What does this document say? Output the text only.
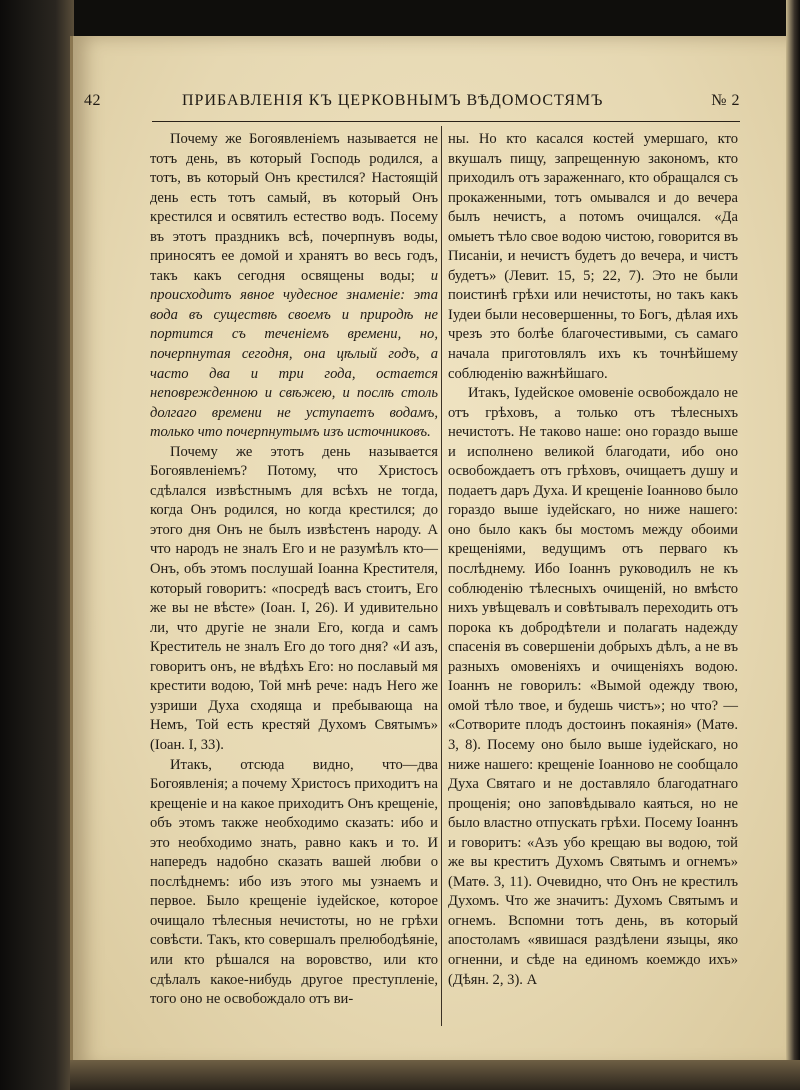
42	ПРИБАВЛЕНІЯ КЪ ЦЕРКОВНЫМЪ ВѢДОМОСТЯМЪ	№ 2

Почему же Богоявленіемъ называется не тотъ день, въ который Господь родился, а тотъ, въ который Онъ крестился? Настоящій день есть тотъ самый, въ который Онъ крестился и освятилъ естество водъ. Посему въ этотъ праздникъ всѣ, почерпнувъ воды, приносятъ ее домой и хранятъ во весь годъ, такъ какъ сегодня освящены воды; и происходитъ явное чудесное знаменіе: эта вода въ существѣ своемъ и природѣ не портится съ теченіемъ времени, но, почерпнутая сегодня, она цѣлый годъ, а часто два и три года, остается неповрежденною и свѣжею, и послѣ столь долгаго времени не уступаетъ водамъ, только что почерпнутымъ изъ источниковъ.

Почему же этотъ день называется Богоявленіемъ? Потому, что Христосъ сдѣлался извѣстнымъ для всѣхъ не тогда, когда Онъ родился, но когда крестился; до этого дня Онъ не былъ извѣстенъ народу. А что народъ не зналъ Его и не разумѣлъ кто— Онъ, объ этомъ послушай Іоанна Крестителя, который говоритъ: «посредѣ васъ стоитъ, Его же вы не вѣсте» (Іоан. I, 26). И удивительно ли, что другіе не знали Его, когда и самъ Креститель не зналъ Его до того дня? «И азъ, говоритъ онъ, не вѣдѣхъ Его: но пославый мя крестити водою, Той мнѣ рече: надъ Него же узриши Духа сходяща и пребывающа на Немъ, Той есть крестяй Духомъ Святымъ» (Іоан. I, 33).

Итакъ, отсюда видно, что—два Богоявленія; а почему Христосъ приходитъ на крещеніе и на какое приходитъ Онъ крещеніе, объ этомъ также необходимо сказать: ибо и это необходимо знать, равно какъ и то. И напередъ надобно сказать вашей любви о послѣднемъ: ибо изъ этого мы узнаемъ и первое. Было крещеніе іудейское, которое очищало тѣлесныя нечистоты, но не грѣхи совѣсти. Такъ, кто совершалъ прелюбодѣяніе, или кто рѣшался на воровство, или кто сдѣлалъ какое-нибудь другое преступленіе, того оно не освобождало отъ ви-

ны. Но кто касался костей умершаго, кто вкушалъ пищу, запрещенную закономъ, кто приходилъ отъ зараженнаго, кто обращался съ прокаженными, тотъ омывался и до вечера былъ нечистъ, а потомъ очищался. «Да омыетъ тѣло свое водою чистою, говорится въ Писаніи, и нечистъ будетъ до вечера, и чистъ будетъ» (Левит. 15, 5; 22, 7). Это не были поистинѣ грѣхи или нечистоты, но такъ какъ Іудеи были несовершенны, то Богъ, дѣлая ихъ чрезъ это болѣе благочестивыми, съ самаго начала приготовлялъ ихъ къ точнѣйшему соблюденію важнѣйшаго.

Итакъ, Іудейское омовеніе освобождало не отъ грѣховъ, а только отъ тѣлесныхъ нечистотъ. Не таково наше: оно гораздо выше и исполнено великой благодати, ибо оно освобождаетъ отъ грѣховъ, очищаетъ душу и подаетъ даръ Духа. И крещеніе Іоанново было гораздо выше іудейскаго, но ниже нашего: оно было какъ бы мостомъ между обоими крещеніями, ведущимъ отъ перваго къ послѣднему. Ибо Іоаннъ руководилъ не къ соблюденію тѣлесныхъ очищеній, но вмѣсто нихъ увѣщевалъ и совѣтывалъ переходить отъ порока къ добродѣтели и полагать надежду спасенія въ совершеніи добрыхъ дѣлъ, а не въ разныхъ омовеніяхъ и очищеніяхъ водою. Іоаннъ не говорилъ: «Вымой одежду твою, омой тѣло твое, и будешь чистъ»; но что? — «Сотворите плодъ достоинъ покаянія» (Матѳ. 3, 8). Посему оно было выше іудейскаго, но ниже нашего: крещеніе Іоанново не сообщало Духа Святаго и не доставляло благодатнаго прощенія; оно заповѣдывало каяться, но не было властно отпускать грѣхи. Посему Іоаннъ и говоритъ: «Азъ убо крещаю вы водою, той же вы креститъ Духомъ Святымъ и огнемъ» (Матѳ. 3, 11). Очевидно, что Онъ не крестилъ Духомъ. Что же значитъ: Духомъ Святымъ и огнемъ. Вспомни тотъ день, въ который апостоламъ «явишася раздѣлени языцы, яко огненни, и сѣде на единомъ коемждо ихъ» (Дѣян. 2, 3). А
